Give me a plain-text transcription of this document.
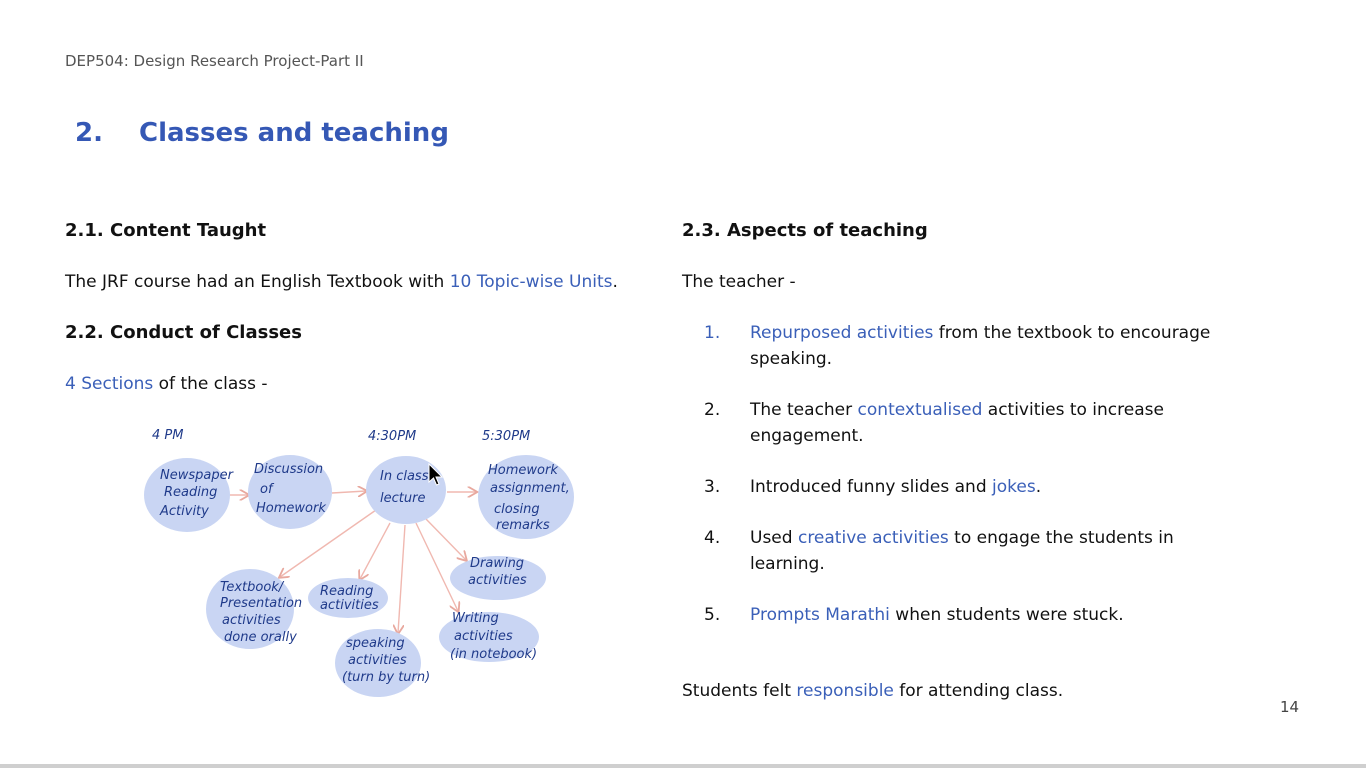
DEP504: Design Research Project-Part II
2. Classes and teaching
2.1. Content Taught
The JRF course had an English Textbook with 10 Topic-wise Units.
2.2. Conduct of Classes
4 Sections of the class -
4 PM	4:30PM	5:30PM
Newspaper
Reading
Activity
Discussion
of
Homework
In class
lecture
Homework
assignment,
closing
remarks
Drawing
activities
Textbook/
Presentation
activities
done orally
Reading
activities
speaking
activities
(turn by turn)
Writing
activities
(in notebook)
2.3. Aspects of teaching
The teacher -
1. Repurposed activities from the textbook to encourage speaking.
2. The teacher contextualised activities to increase engagement.
3. Introduced funny slides and jokes.
4. Used creative activities to engage the students in learning.
5. Prompts Marathi when students were stuck.
Students felt responsible for attending class.
14
